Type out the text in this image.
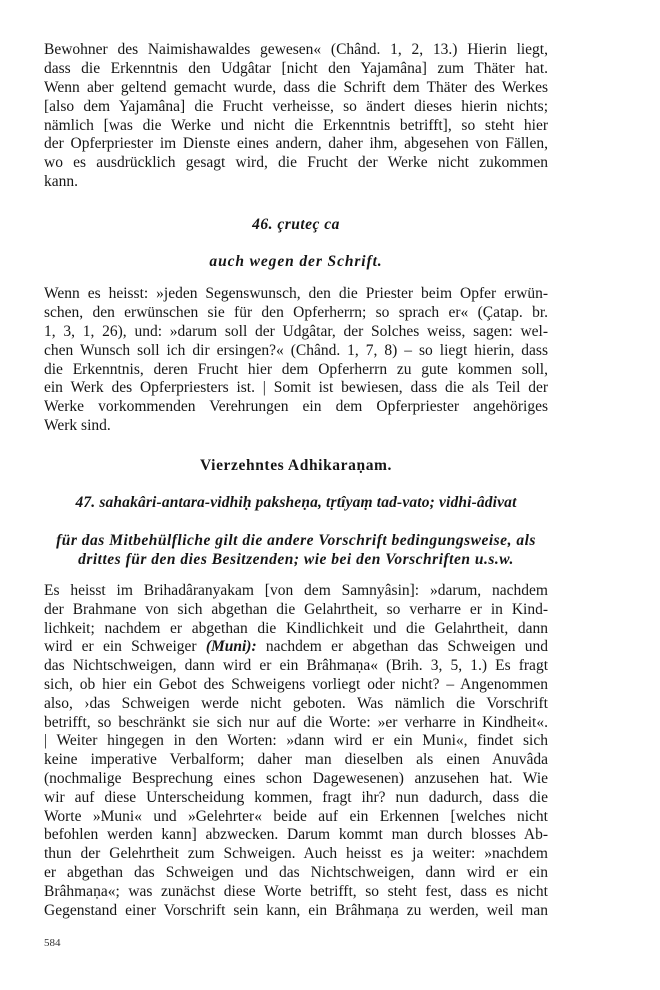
Bewohner des Naimishawaldes gewesen« (Chând. 1, 2, 13.) Hierin liegt,
dass die Erkenntnis den Udgâtar [nicht den Yajamâna] zum Thäter hat.
Wenn aber geltend gemacht wurde, dass die Schrift dem Thäter des Werkes
[also dem Yajamâna] die Frucht verheisse, so ändert dieses hierin nichts;
nämlich [was die Werke und nicht die Erkenntnis betrifft], so steht hier
der Opferpriester im Dienste eines andern, daher ihm, abgesehen von Fällen,
wo es ausdrücklich gesagt wird, die Frucht der Werke nicht zukommen
kann.
46. çruteç ca
auch wegen der Schrift.
Wenn es heisst: »jeden Segenswunsch, den die Priester beim Opfer erwün-
schen, den erwünschen sie für den Opferherrn; so sprach er« (Çatap. br.
1, 3, 1, 26), und: »darum soll der Udgâtar, der Solches weiss, sagen: wel-
chen Wunsch soll ich dir ersingen?« (Chând. 1, 7, 8) – so liegt hierin, dass
die Erkenntnis, deren Frucht hier dem Opferherrn zu gute kommen soll,
ein Werk des Opferpriesters ist. | Somit ist bewiesen, dass die als Teil der
Werke vorkommenden Verehrungen ein dem Opferpriester angehöriges
Werk sind.
Vierzehntes Adhikaraṇam.
47. sahakâri-antara-vidhiḥ paksheṇa, tṛtîyaṃ tad-vato; vidhi-âdivat
für das Mitbehülfliche gilt die andere Vorschrift bedingungsweise, als
drittes für den dies Besitzenden; wie bei den Vorschriften u.s.w.
Es heisst im Brihadâranyakam [von dem Samnyâsin]: »darum, nachdem
der Brahmane von sich abgethan die Gelahrtheit, so verharre er in Kind-
lichkeit; nachdem er abgethan die Kindlichkeit und die Gelahrtheit, dann
wird er ein Schweiger (Muni): nachdem er abgethan das Schweigen und
das Nichtschweigen, dann wird er ein Brâhmaṇa« (Brih. 3, 5, 1.) Es fragt
sich, ob hier ein Gebot des Schweigens vorliegt oder nicht? – Angenommen
also, ›das Schweigen werde nicht geboten. Was nämlich die Vorschrift
betrifft, so beschränkt sie sich nur auf die Worte: »er verharre in Kindheit«.
| Weiter hingegen in den Worten: »dann wird er ein Muni«, findet sich
keine imperative Verbalform; daher man dieselben als einen Anuvâda
(nochmalige Besprechung eines schon Dagewesenen) anzusehen hat. Wie
wir auf diese Unterscheidung kommen, fragt ihr? nun dadurch, dass die
Worte »Muni« und »Gelehrter« beide auf ein Erkennen [welches nicht
befohlen werden kann] abzwecken. Darum kommt man durch blosses Ab-
thun der Gelehrtheit zum Schweigen. Auch heisst es ja weiter: »nachdem
er abgethan das Schweigen und das Nichtschweigen, dann wird er ein
Brâhmaṇa«; was zunächst diese Worte betrifft, so steht fest, dass es nicht
Gegenstand einer Vorschrift sein kann, ein Brâhmaṇa zu werden, weil man
584
